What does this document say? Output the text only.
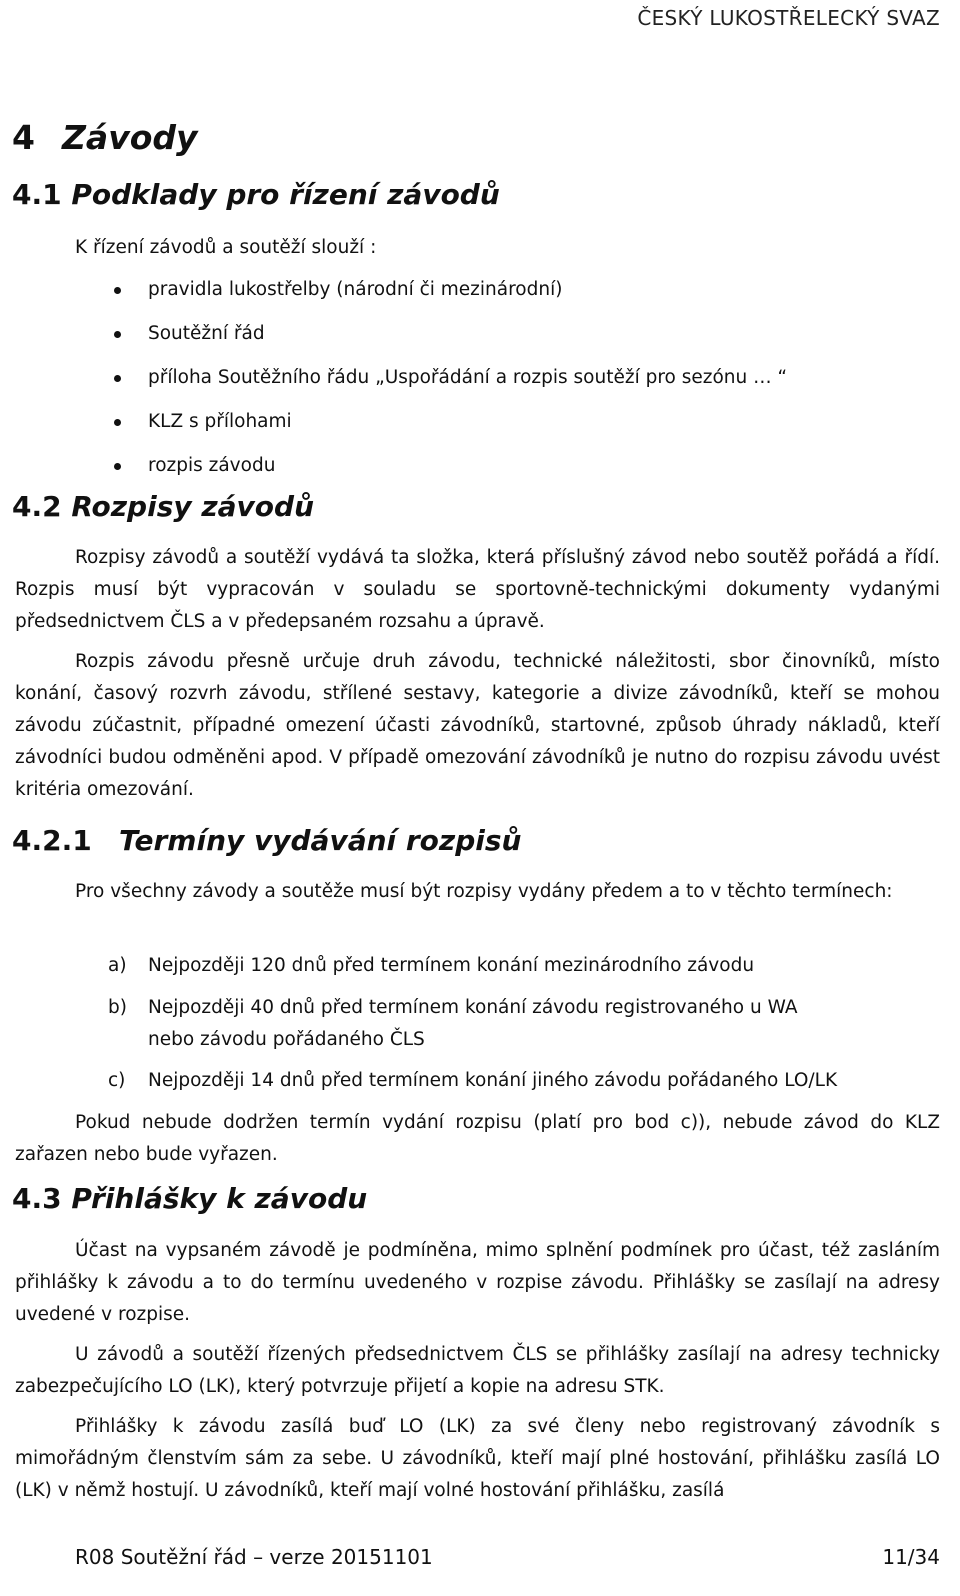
ČESKÝ LUKOSTŘELECKÝ SVAZ
4 Závody
4.1 Podklady pro řízení závodů

K řízení závodů a soutěží slouží :

pravidla lukostřelby (národní či mezinárodní)
Soutěžní řád
příloha Soutěžního řádu „Uspořádání a rozpis soutěží pro sezónu … “
KLZ s přílohami
rozpis závodu
4.2 Rozpisy závodů

Rozpisy závodů a soutěží vydává ta složka, která příslušný závod nebo soutěž pořádá a řídí. Rozpis musí být vypracován v souladu se sportovně-technickými dokumenty vydanými předsednictvem ČLS a v předepsaném rozsahu a úpravě.

Rozpis závodu přesně určuje druh závodu, technické náležitosti, sbor činovníků, místo konání, časový rozvrh závodu, střílené sestavy, kategorie a divize závodníků, kteří se mohou závodu zúčastnit, případné omezení účasti závodníků, startovné, způsob úhrady nákladů, kteří závodníci budou odměněni apod. V případě omezování závodníků je nutno do rozpisu závodu uvést kritéria omezování.

4.2.1 Termíny vydávání rozpisů

Pro všechny závody a soutěže musí být rozpisy vydány předem a to v těchto termínech:

a) Nejpozději 120 dnů před termínem konání mezinárodního závodu
b) Nejpozději 40 dnů před termínem konání závodu registrovaného u WA
nebo závodu pořádaného ČLS
c) Nejpozději 14 dnů před termínem konání jiného závodu pořádaného LO/LK

Pokud nebude dodržen termín vydání rozpisu (platí pro bod c)), nebude závod do KLZ zařazen nebo bude vyřazen.

4.3 Přihlášky k závodu

Účast na vypsaném závodě je podmíněna, mimo splnění podmínek pro účast, též zasláním přihlášky k závodu a to do termínu uvedeného v rozpise závodu. Přihlášky se zasílají na adresy uvedené v rozpise.

U závodů a soutěží řízených předsednictvem ČLS se přihlášky zasílají na adresy technicky zabezpečujícího LO (LK), který potvrzuje přijetí a kopie na adresu STK.

Přihlášky k závodu zasílá buď LO (LK) za své členy nebo registrovaný závodník s mimořádným členstvím sám za sebe. U závodníků, kteří mají plné hostování, přihlášku zasílá LO (LK) v němž hostují. U závodníků, kteří mají volné hostování přihlášku, zasílá

R08 Soutěžní řád – verze 20151101	11/34
